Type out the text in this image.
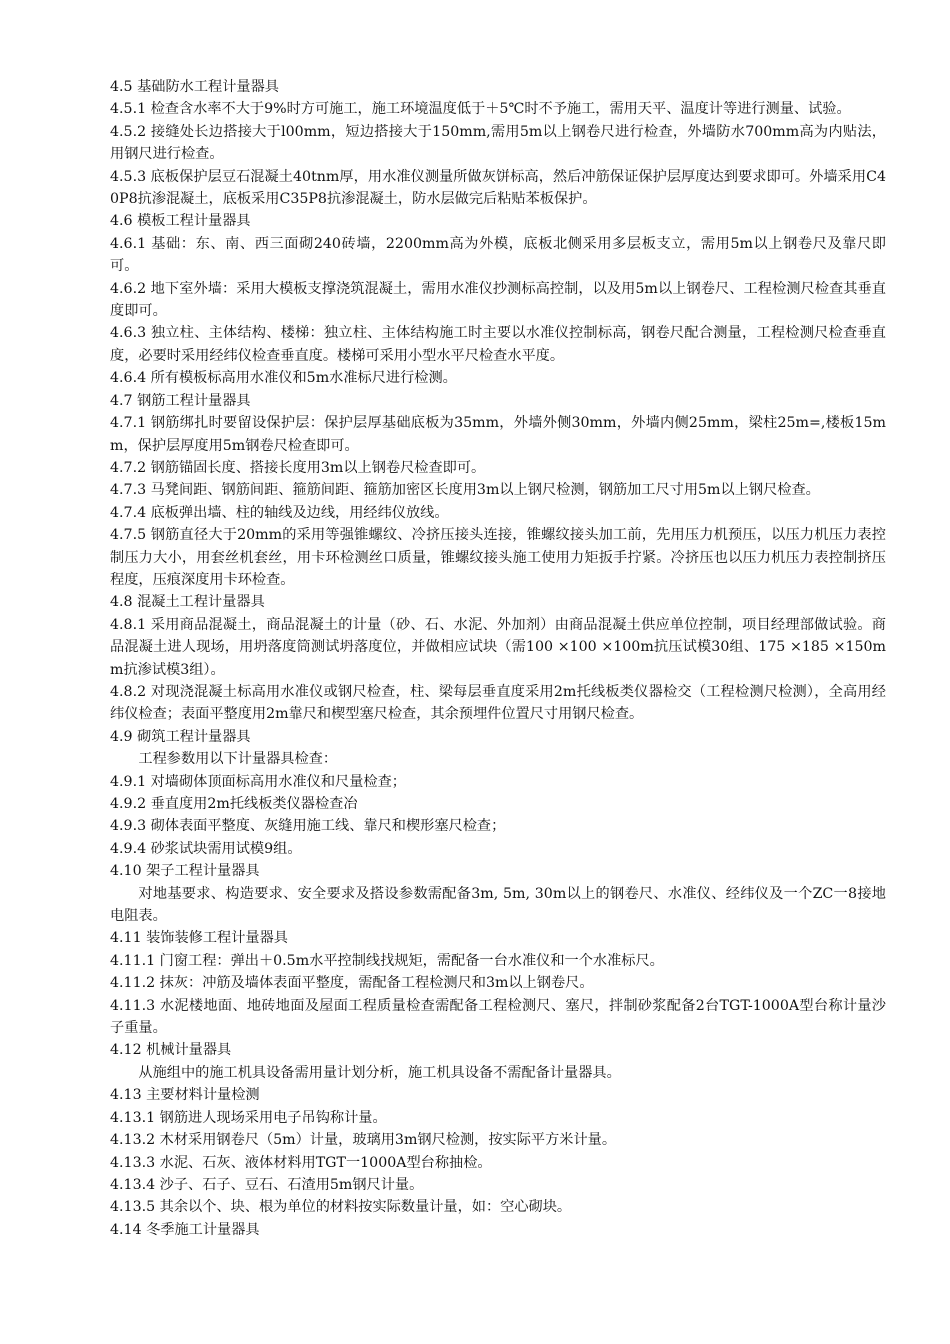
4.5 基础防水工程计量器具

4.5.1 检查含水率不大于9%时方可施工，施工环境温度低于＋5℃时不予施工，需用天平、温度计等进行测量、试验。

4.5.2 接缝处长边搭接大于l00mm，短边搭接大于150mm,需用5m以上钢卷尺进行检查，外墙防水700mm高为内贴法，用钢尺进行检查。

4.5.3 底板保护层豆石混凝土40tnm厚，用水准仪测量所做灰饼标高，然后冲筋保证保护层厚度达到要求即可。外墙采用C40P8抗渗混凝土，底板采用C35P8抗渗混凝土，防水层做完后粘贴苯板保护。

4.6 模板工程计量器具

4.6.1 基础：东、南、西三面砌240砖墙，2200mm高为外模，底板北侧采用多层板支立，需用5m以上钢卷尺及靠尺即可。

4.6.2 地下室外墙：采用大模板支撑浇筑混凝土，需用水准仪抄测标高控制，以及用5m以上钢卷尺、工程检测尺检查其垂直度即可。

4.6.3 独立柱、主体结构、楼梯：独立柱、主体结构施工时主要以水准仪控制标高，钢卷尺配合测量，工程检测尺检查垂直度，必要时采用经纬仪检查垂直度。楼梯可采用小型水平尺检查水平度。

4.6.4 所有模板标高用水准仪和5m水准标尺进行检测。

4.7 钢筋工程计量器具

4.7.1 钢筋绑扎时要留设保护层：保护层厚基础底板为35mm，外墙外侧30mm，外墙内侧25mm，梁柱25m=,楼板15mm，保护层厚度用5m钢卷尺检查即可。

4.7.2 钢筋锚固长度、搭接长度用3m以上钢卷尺检查即可。

4.7.3 马凳间距、钢筋间距、箍筋间距、箍筋加密区长度用3m以上钢尺检测，钢筋加工尺寸用5m以上钢尺检查。

4.7.4 底板弹出墙、柱的轴线及边线，用经纬仪放线。

4.7.5 钢筋直径大于20mm的采用等强锥螺纹、冷挤压接头连接，锥螺纹接头加工前，先用压力机预压，以压力机压力表控制压力大小，用套丝机套丝，用卡环检测丝口质量，锥螺纹接头施工使用力矩扳手拧紧。冷挤压也以压力机压力表控制挤压程度，压痕深度用卡环检查。

4.8 混凝土工程计量器具

4.8.1 采用商品混凝土，商品混凝土的计量（砂、石、水泥、外加剂）由商品混凝土供应单位控制，项目经理部做试验。商品混凝土进人现场，用坍落度筒测试坍落度位，并做相应试块（需100 ×100 ×100m抗压试模30组、175 ×185 ×150mm抗渗试模3组）。

4.8.2 对现浇混凝土标高用水准仪或钢尺检查，柱、梁每层垂直度采用2m托线板类仪器检交（工程检测尺检测），全高用经纬仪检查；表面平整度用2m靠尺和楔型塞尺检查，其余预埋件位置尺寸用钢尺检查。

4.9 砌筑工程计量器具

工程参数用以下计量器具检查：

4.9.1 对墙砌体顶面标高用水准仪和尺量检查；

4.9.2 垂直度用2m托线板类仪器检查冶

4.9.3 砌体表面平整度、灰缝用施工线、靠尺和楔形塞尺检查；

4.9.4 砂浆试块需用试模9组。

4.10 架子工程计量器具

对地基要求、构造要求、安全要求及搭设参数需配备3m, 5m, 30m以上的钢卷尺、水准仪、经纬仪及一个ZC一8接地电阻表。

4.11 装饰装修工程计量器具

4.11.1 门窗工程：弹出＋0.5m水平控制线找规矩，需配备一台水准仪和一个水准标尺。

4.11.2 抹灰：冲筋及墙体表面平整度，需配备工程检测尺和3m以上钢卷尺。

4.11.3 水泥楼地面、地砖地面及屋面工程质量检查需配备工程检测尺、塞尺，拌制砂浆配备2台TGT-1000A型台称计量沙子重量。

4.12 机械计量器具

从施组中的施工机具设备需用量计划分析，施工机具设备不需配备计量器具。

4.13 主要材料计量检测

4.13.1 钢筋进人现场采用电子吊钩称计量。

4.13.2 木材采用钢卷尺（5m）计量，玻璃用3m钢尺检测，按实际平方米计量。

4.13.3 水泥、石灰、液体材料用TGT一1000A型台称抽检。

4.13.4 沙子、石子、豆石、石渣用5m钢尺计量。

4.13.5 其余以个、块、根为单位的材料按实际数量计量，如：空心砌块。

4.14 冬季施工计量器具
